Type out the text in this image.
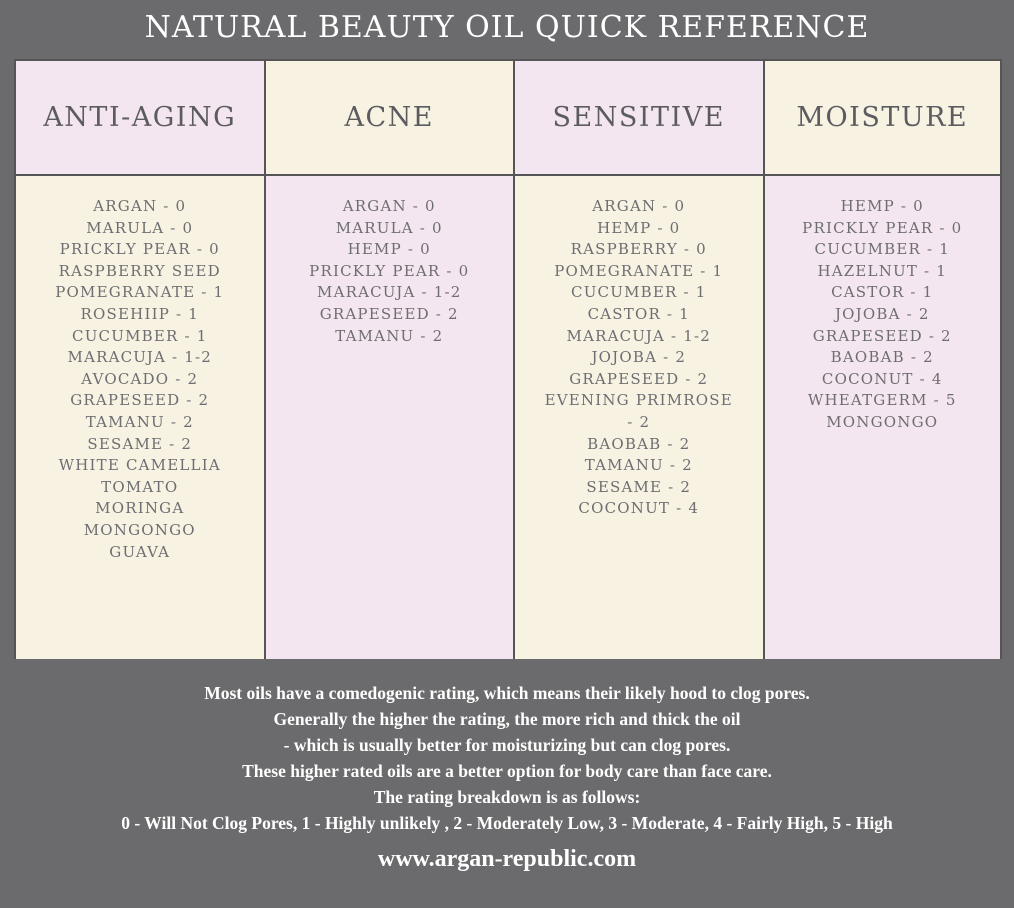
NATURAL BEAUTY OIL QUICK REFERENCE
ANTI-AGING
ARGAN - 0
MARULA - 0
PRICKLY PEAR - 0
RASPBERRY SEED
POMEGRANATE - 1
ROSEHIIP - 1
CUCUMBER - 1
MARACUJA - 1-2
AVOCADO - 2
GRAPESEED - 2
TAMANU - 2
SESAME - 2
WHITE CAMELLIA
TOMATO
MORINGA
MONGONGO
GUAVA
ACNE
ARGAN - 0
MARULA - 0
HEMP - 0
PRICKLY PEAR - 0
MARACUJA - 1-2
GRAPESEED - 2
TAMANU - 2
SENSITIVE
ARGAN - 0
HEMP - 0
RASPBERRY - 0
POMEGRANATE - 1
CUCUMBER - 1
CASTOR - 1
MARACUJA - 1-2
JOJOBA - 2
GRAPESEED - 2
EVENING PRIMROSE
- 2
BAOBAB - 2
TAMANU - 2
SESAME - 2
COCONUT - 4
MOISTURE
HEMP - 0
PRICKLY PEAR - 0
CUCUMBER - 1
HAZELNUT - 1
CASTOR - 1
JOJOBA - 2
GRAPESEED - 2
BAOBAB - 2
COCONUT - 4
WHEATGERM - 5
MONGONGO
Most oils have a comedogenic rating, which means their likely hood to clog pores.
Generally the higher the rating, the more rich and thick the oil
- which is usually better for moisturizing but can clog pores.
These higher rated oils are a better option for body care than face care.
The rating breakdown is as follows:
0 - Will Not Clog Pores, 1 - Highly unlikely , 2 - Moderately Low, 3 - Moderate, 4 - Fairly High, 5 - High
www.argan-republic.com
